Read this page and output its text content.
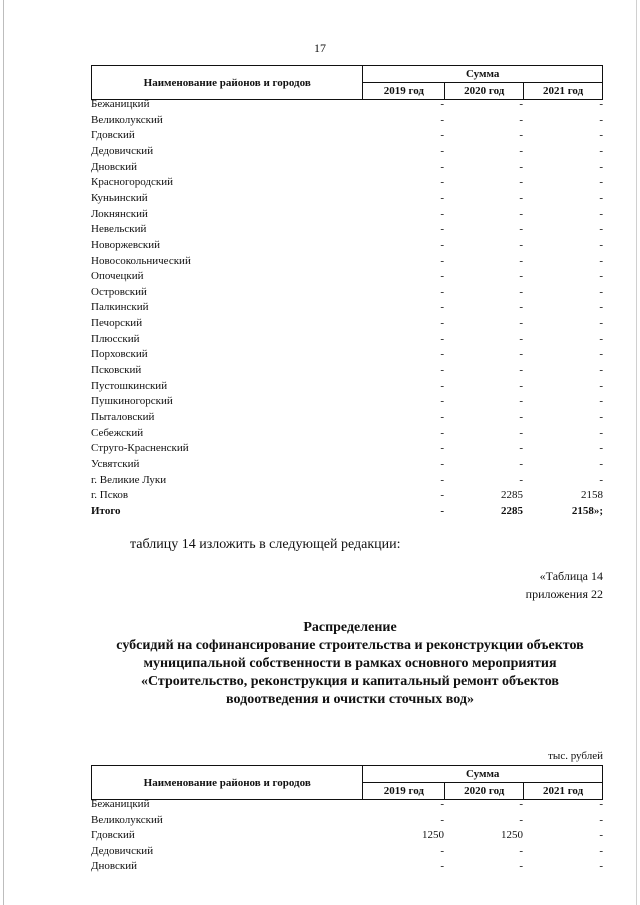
17
Наименование районов и городов	Сумма		
	2019 год	2020 год	2021 год
Бежаницкий	-	-	-
Великолукский	-	-	-
Гдовский	-	-	-
Дедовичский	-	-	-
Дновский	-	-	-
Красногородский	-	-	-
Куньинский	-	-	-
Локнянский	-	-	-
Невельский	-	-	-
Новоржевский	-	-	-
Новосокольнический	-	-	-
Опочецкий	-	-	-
Островский	-	-	-
Палкинский	-	-	-
Печорский	-	-	-
Плюсский	-	-	-
Порховский	-	-	-
Псковский	-	-	-
Пустошкинский	-	-	-
Пушкиногорский	-	-	-
Пыталовский	-	-	-
Себежский	-	-	-
Струго-Красненский	-	-	-
Усвятский	-	-	-
г. Великие Луки	-	-	-
г. Псков	-	2285	2158
Итого	-	2285	2158»;
таблицу 14 изложить в следующей редакции:
«Таблица 14
приложения 22
Распределение
субсидий на софинансирование строительства и реконструкции объектов
муниципальной собственности в рамках основного мероприятия
«Строительство, реконструкция и капитальный ремонт объектов
водоотведения и очистки сточных вод»
тыс. рублей
Наименование районов и городов	Сумма		
	2019 год	2020 год	2021 год
Бежаницкий	-	-	-
Великолукский	-	-	-
Гдовский	1250	1250	-
Дедовичский	-	-	-
Дновский	-	-	-
